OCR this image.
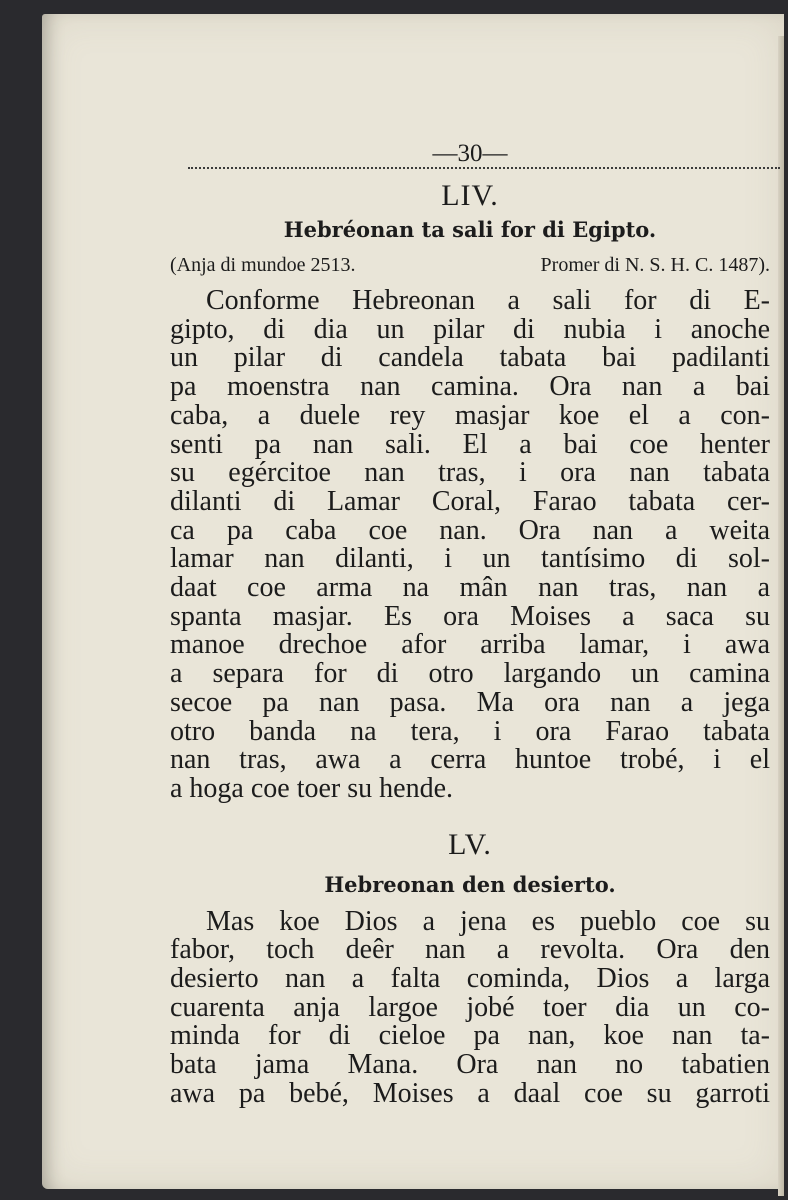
—30—
LIV.
Hebréonan ta sali for di Egipto.
(Anja di mundoe 2513.	Promer di N. S. H. C. 1487).
Conforme Hebreonan a sali for di E-
gipto, di dia un pilar di nubia i anoche
un pilar di candela tabata bai padilanti
pa moenstra nan camina. Ora nan a bai
caba, a duele rey masjar koe el a con-
senti pa nan sali. El a bai coe henter
su egércitoe nan tras, i ora nan tabata
dilanti di Lamar Coral, Farao tabata cer-
ca pa caba coe nan. Ora nan a weita
lamar nan dilanti, i un tantísimo di sol-
daat coe arma na mân nan tras, nan a
spanta masjar. Es ora Moises a saca su
manoe drechoe afor arriba lamar, i awa
a separa for di otro largando un camina
secoe pa nan pasa. Ma ora nan a jega
otro banda na tera, i ora Farao tabata
nan tras, awa a cerra huntoe trobé, i el
a hoga coe toer su hende.
LV.
Hebreonan den desierto.
Mas koe Dios a jena es pueblo coe su
fabor, toch deêr nan a revolta. Ora den
desierto nan a falta cominda, Dios a larga
cuarenta anja largoe jobé toer dia un co-
minda for di cieloe pa nan, koe nan ta-
bata jama Mana. Ora nan no tabatien
awa pa bebé, Moises a daal coe su garroti
